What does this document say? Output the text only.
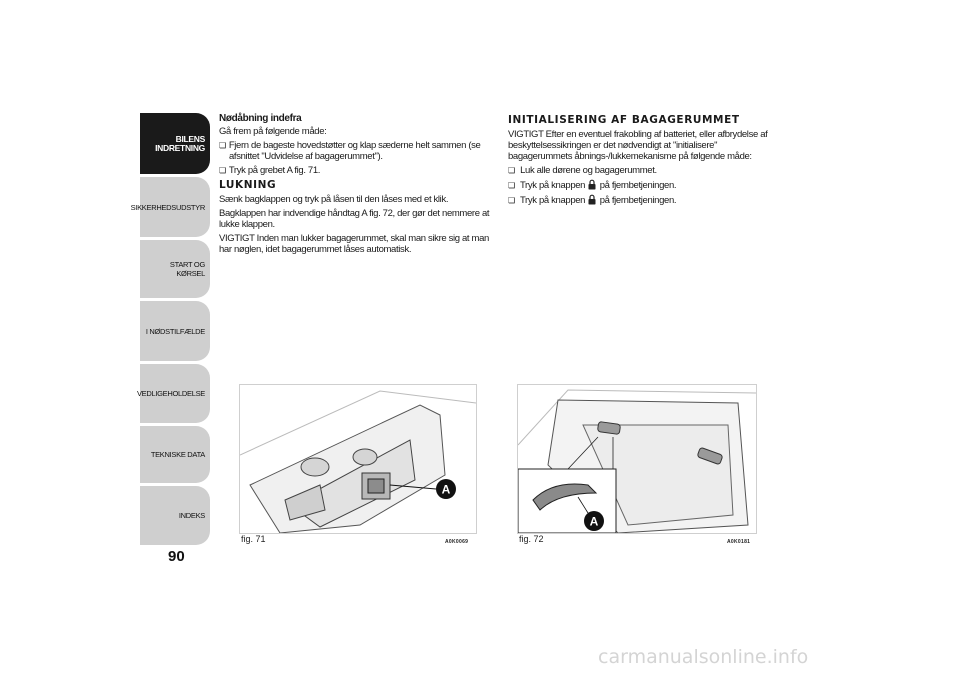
BILENS INDRETNING
SIKKERHEDSUDSTYR
START OG KØRSEL
I NØDSTILFÆLDE
VEDLIGEHOLDELSE
TEKNISKE DATA
INDEKS
90

Nødåbning indefra

Gå frem på følgende måde:

❏ Fjern de bageste hovedstøtter og klap sæderne helt sammen (se afsnittet "Udvidelse af bagagerummet").

❏ Tryk på grebet A fig. 71.

LUKNING

Sænk bagklappen og tryk på låsen til den låses med et klik.

Bagklappen har indvendige håndtag A fig. 72, der gør det nemmere at lukke klappen.

VIGTIGT Inden man lukker bagagerummet, skal man sikre sig at man har nøglen, idet bagagerummet låses automatisk.

INITIALISERING AF BAGAGERUMMET

VIGTIGT Efter en eventuel frakobling af batteriet, eller afbrydelse af beskyttelsessikringen er det nødvendigt at "initialisere" bagagerummets åbnings-/lukkemekanisme på følgende måde:

❏ Luk alle dørene og bagagerummet.

❏ Tryk på knappen på fjernbetjeningen.

❏ Tryk på knappen på fjernbetjeningen.

A
fig. 71	A0K0069
A
fig. 72	A0K0181
carmanualsonline.info
